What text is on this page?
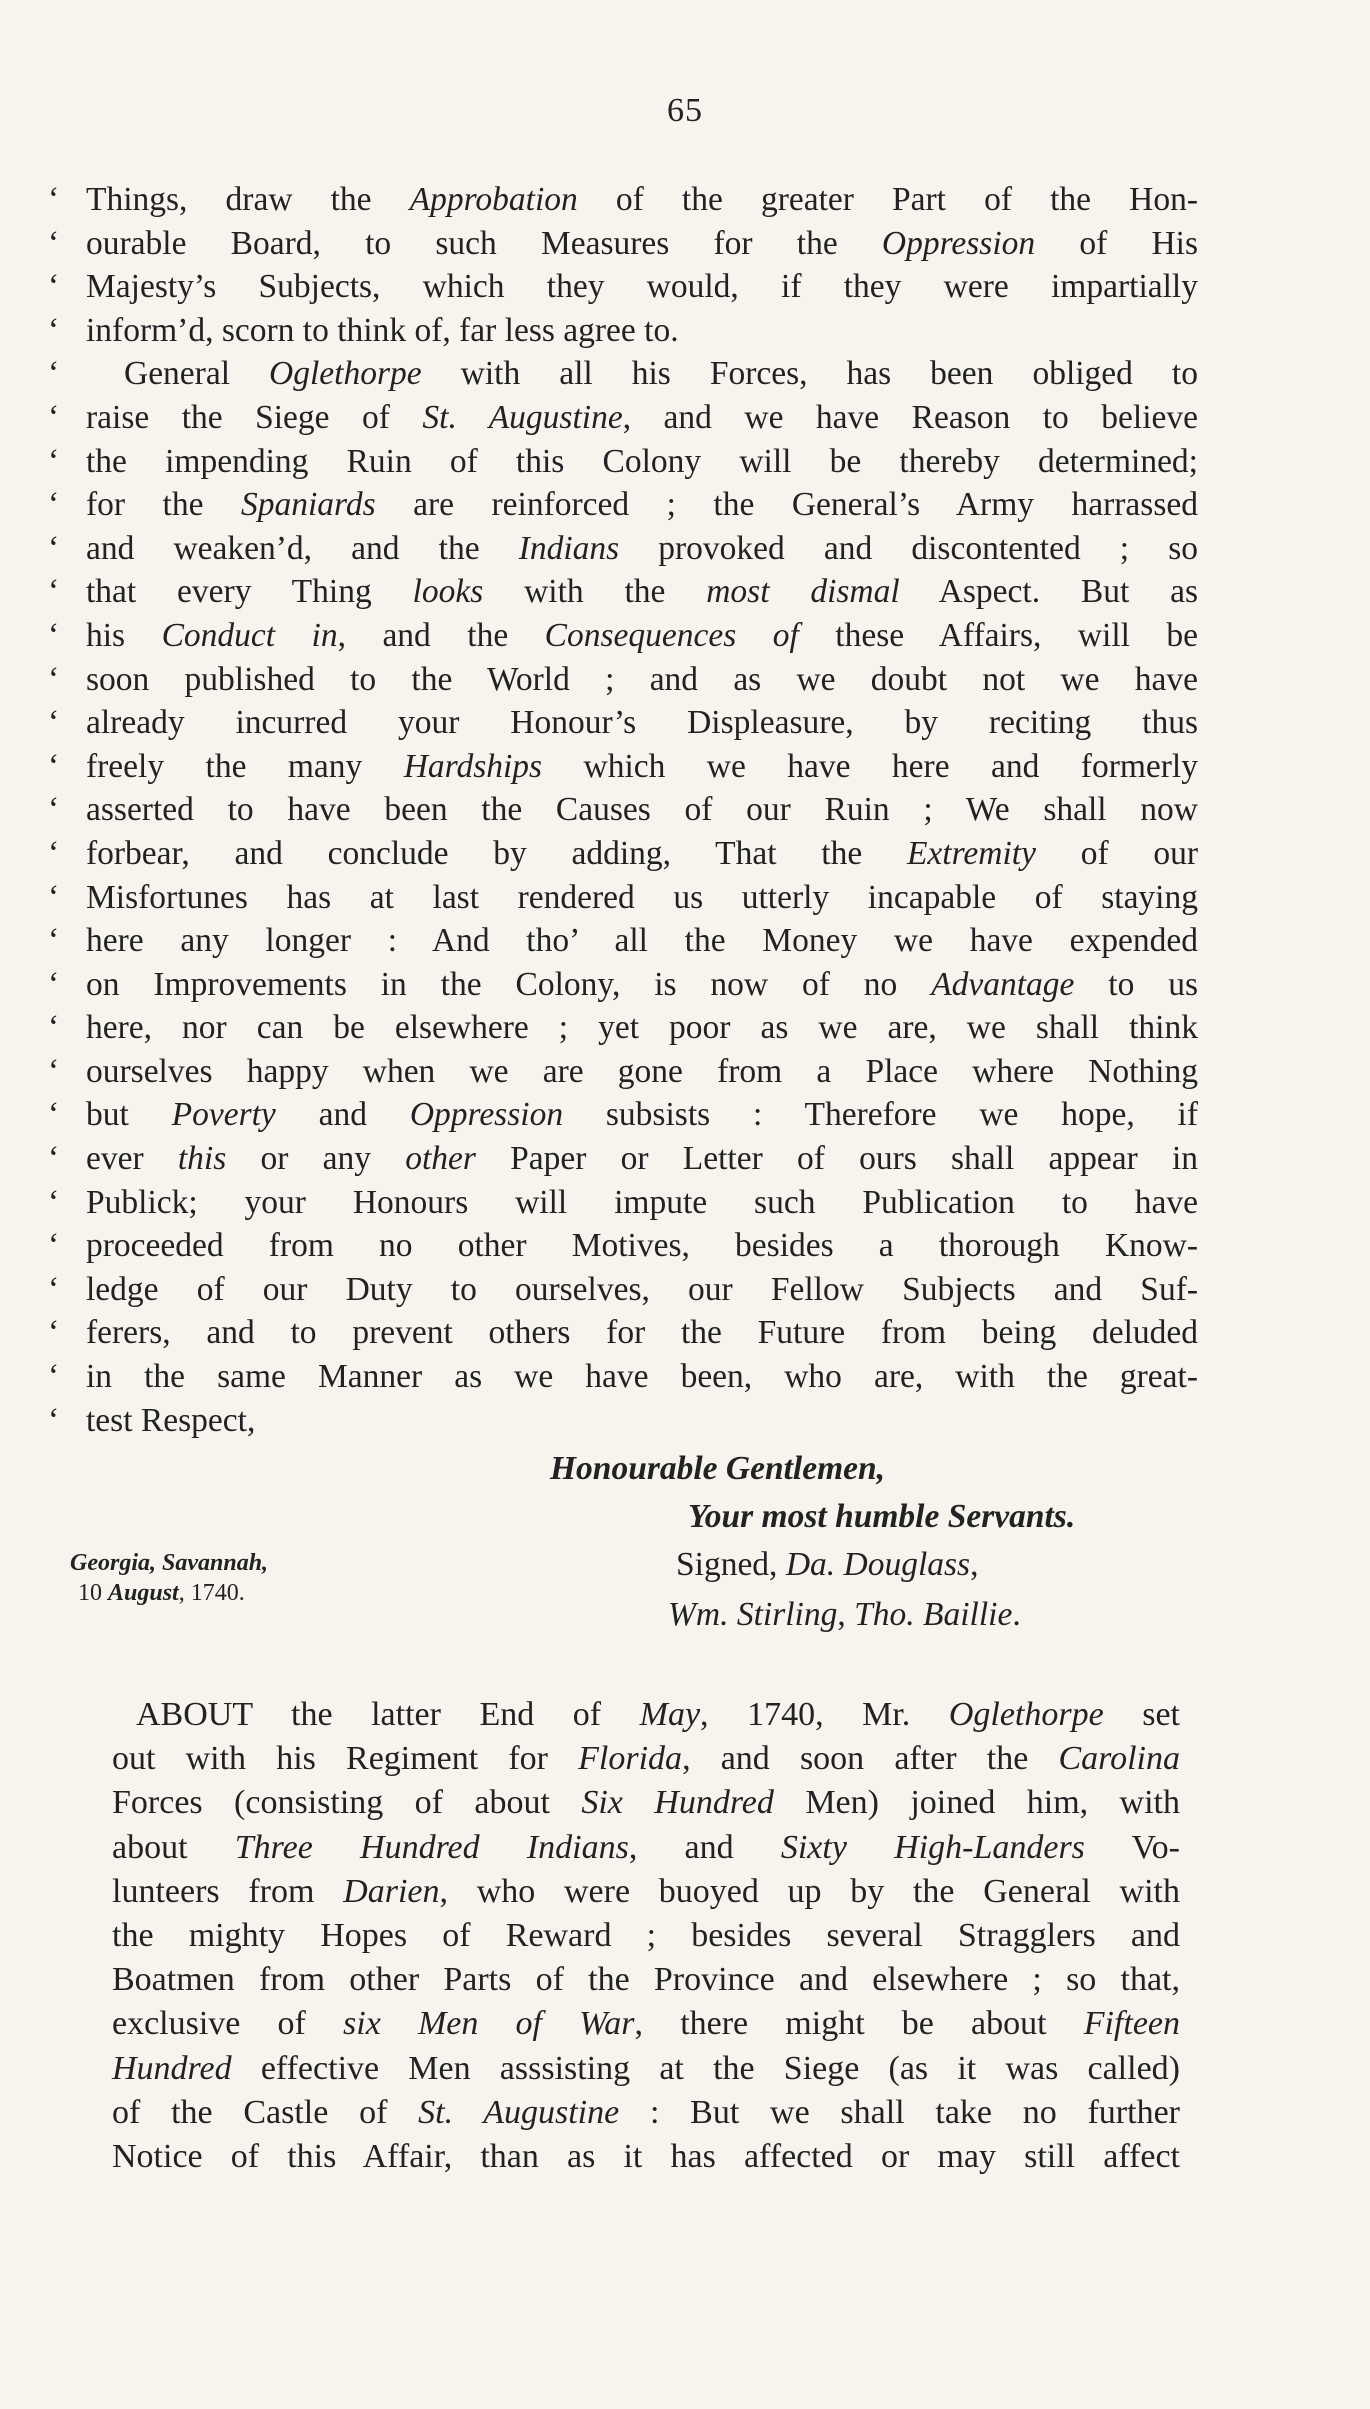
65
‘ Things, draw the Approbation of the greater Part of the Hon-
‘ ourable Board, to such Measures for the Oppression of His
‘ Majesty’s Subjects, which they would, if they were impartially
‘ inform’d, scorn to think of, far less agree to.
‘	General Oglethorpe with all his Forces, has been obliged to
‘ raise the Siege of St. Augustine, and we have Reason to believe
‘ the impending Ruin of this Colony will be thereby determined;
‘ for the Spaniards are reinforced ; the General’s Army harrassed
‘ and weaken’d, and the Indians provoked and discontented ; so
‘ that every Thing looks with the most dismal Aspect. But as
‘ his Conduct in, and the Consequences of these Affairs, will be
‘ soon published to the World ; and as we doubt not we have
‘ already incurred your Honour’s Displeasure, by reciting thus
‘ freely the many Hardships which we have here and formerly
‘ asserted to have been the Causes of our Ruin ; We shall now
‘ forbear, and conclude by adding, That the Extremity of our
‘ Misfortunes has at last rendered us utterly incapable of staying
‘ here any longer : And tho’ all the Money we have expended
‘ on Improvements in the Colony, is now of no Advantage to us
‘ here, nor can be elsewhere ; yet poor as we are, we shall think
‘ ourselves happy when we are gone from a Place where Nothing
‘ but Poverty and Oppression subsists : Therefore we hope, if
‘ ever this or any other Paper or Letter of ours shall appear in
‘ Publick; your Honours will impute such Publication to have
‘ proceeded from no other Motives, besides a thorough Know-
‘ ledge of our Duty to ourselves, our Fellow Subjects and Suf-
‘ ferers, and to prevent others for the Future from being deluded
‘ in the same Manner as we have been, who are, with the great-
‘ test Respect,
Honourable Gentlemen,
Your most humble Servants.
Signed, Da. Douglass,
Wm. Stirling, Tho. Baillie.
Georgia, Savannah,
10 August, 1740.
ABOUT the latter End of May, 1740, Mr. Oglethorpe set
out with his Regiment for Florida, and soon after the Carolina
Forces (consisting of about Six Hundred Men) joined him, with
about Three Hundred Indians, and Sixty High-Landers Vo-
lunteers from Darien, who were buoyed up by the General with
the mighty Hopes of Reward ; besides several Stragglers and
Boatmen from other Parts of the Province and elsewhere ; so that,
exclusive of six Men of War, there might be about Fifteen
Hundred effective Men asssisting at the Siege (as it was called)
of the Castle of St. Augustine : But we shall take no further
Notice of this Affair, than as it has affected or may still affect
